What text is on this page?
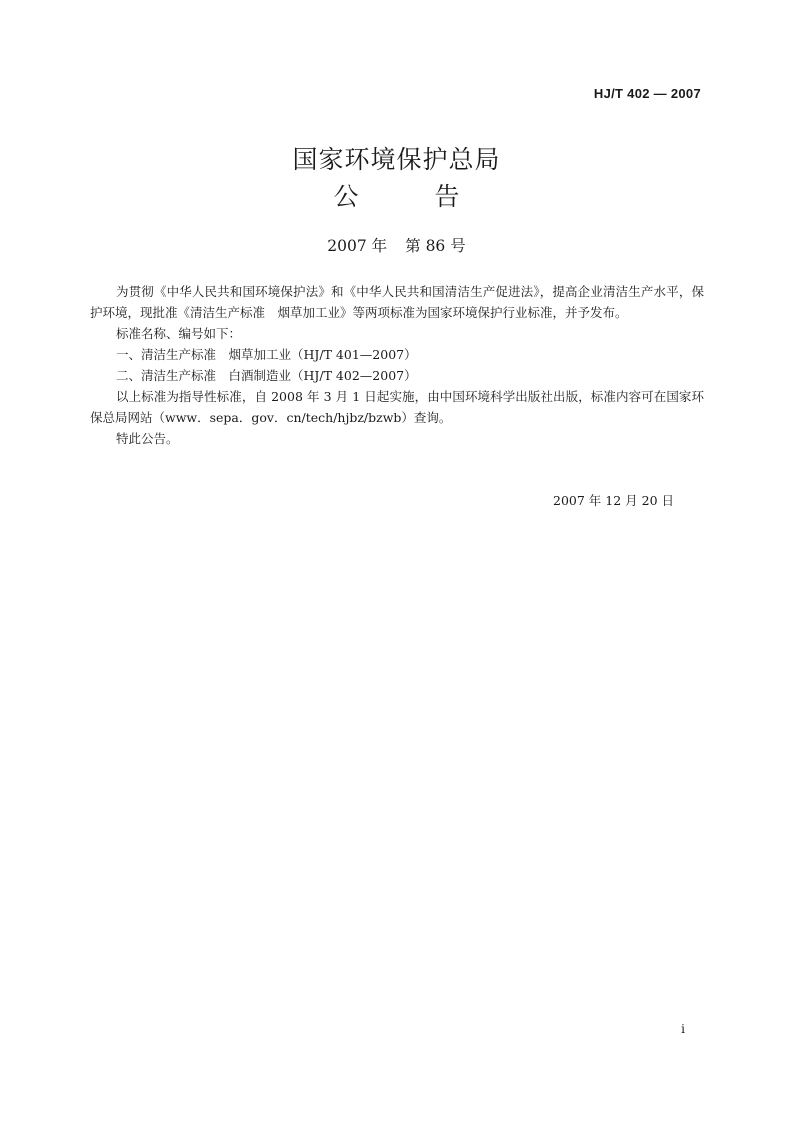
HJ/T 402 — 2007
国家环境保护总局
公	告
2007 年 第 86 号

为贯彻《中华人民共和国环境保护法》和《中华人民共和国清洁生产促进法》，提高企业清洁生产水平，保护环境，现批准《清洁生产标准　烟草加工业》等两项标准为国家环境保护行业标准，并予发布。

标准名称、编号如下：

一、清洁生产标准　烟草加工业（HJ/T 401—2007）

二、清洁生产标准　白酒制造业（HJ/T 402—2007）

以上标准为指导性标准，自 2008 年 3 月 1 日起实施，由中国环境科学出版社出版，标准内容可在国家环保总局网站（www．sepa．gov．cn/tech/hjbz/bzwb）查询。

特此公告。

2007 年 12 月 20 日
i
